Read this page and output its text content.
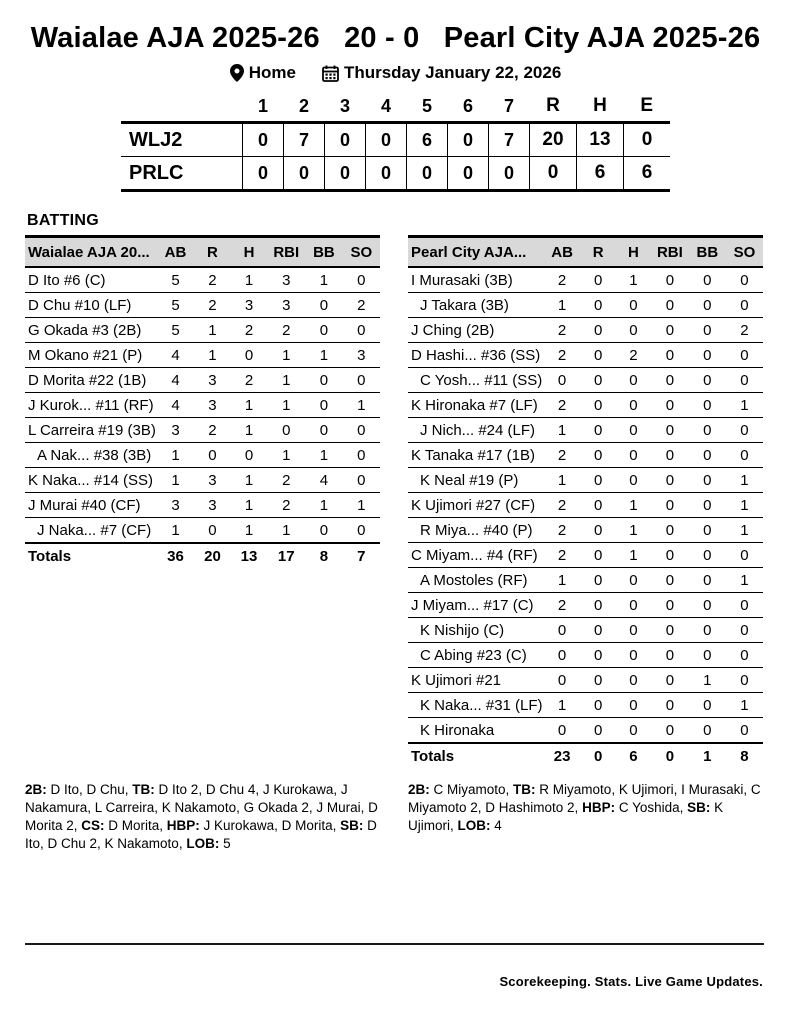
Waialae AJA 2025-26 20 - 0 Pearl City AJA 2025-26
Home	Thursday January 22, 2026
	1	2	3	4	5	6	7	R	H	E
WLJ2	0	7	0	0	6	0	7	20	13	0
PRLC	0	0	0	0	0	0	0	0	6	6
BATTING
Waialae AJA 20...	AB	R	H	RBI	BB	SO
D Ito #6 (C)	5	2	1	3	1	0
D Chu #10 (LF)	5	2	3	3	0	2
G Okada #3 (2B)	5	1	2	2	0	0
M Okano #21 (P)	4	1	0	1	1	3
D Morita #22 (1B)	4	3	2	1	0	0
J Kurok... #11 (RF)	4	3	1	1	0	1
L Carreira #19 (3B)	3	2	1	0	0	0
A Nak... #38 (3B)	1	0	0	1	1	0
K Naka... #14 (SS)	1	3	1	2	4	0
J Murai #40 (CF)	3	3	1	2	1	1
J Naka... #7 (CF)	1	0	1	1	0	0
Totals	36	20	13	17	8	7
Pearl City AJA...	AB	R	H	RBI	BB	SO
I Murasaki (3B)	2	0	1	0	0	0
J Takara (3B)	1	0	0	0	0	0
J Ching (2B)	2	0	0	0	0	2
D Hashi... #36 (SS)	2	0	2	0	0	0
C Yosh... #11 (SS)	0	0	0	0	0	0
K Hironaka #7 (LF)	2	0	0	0	0	1
J Nich... #24 (LF)	1	0	0	0	0	0
K Tanaka #17 (1B)	2	0	0	0	0	0
K Neal #19 (P)	1	0	0	0	0	1
K Ujimori #27 (CF)	2	0	1	0	0	1
R Miya... #40 (P)	2	0	1	0	0	1
C Miyam... #4 (RF)	2	0	1	0	0	0
A Mostoles (RF)	1	0	0	0	0	1
J Miyam... #17 (C)	2	0	0	0	0	0
K Nishijo (C)	0	0	0	0	0	0
C Abing #23 (C)	0	0	0	0	0	0
K Ujimori #21	0	0	0	0	1	0
K Naka... #31 (LF)	1	0	0	0	0	1
K Hironaka	0	0	0	0	0	0
Totals	23	0	6	0	1	8

2B: D Ito, D Chu, TB: D Ito 2, D Chu 4, J Kurokawa, J Nakamura, L Carreira, K Nakamoto, G Okada 2, J Murai, D Morita 2, CS: D Morita, HBP: J Kurokawa, D Morita, SB: D Ito, D Chu 2, K Nakamoto, LOB: 5

2B: C Miyamoto, TB: R Miyamoto, K Ujimori, I Murasaki, C Miyamoto 2, D Hashimoto 2, HBP: C Yoshida, SB: K Ujimori, LOB: 4

Scorekeeping. Stats. Live Game Updates.
